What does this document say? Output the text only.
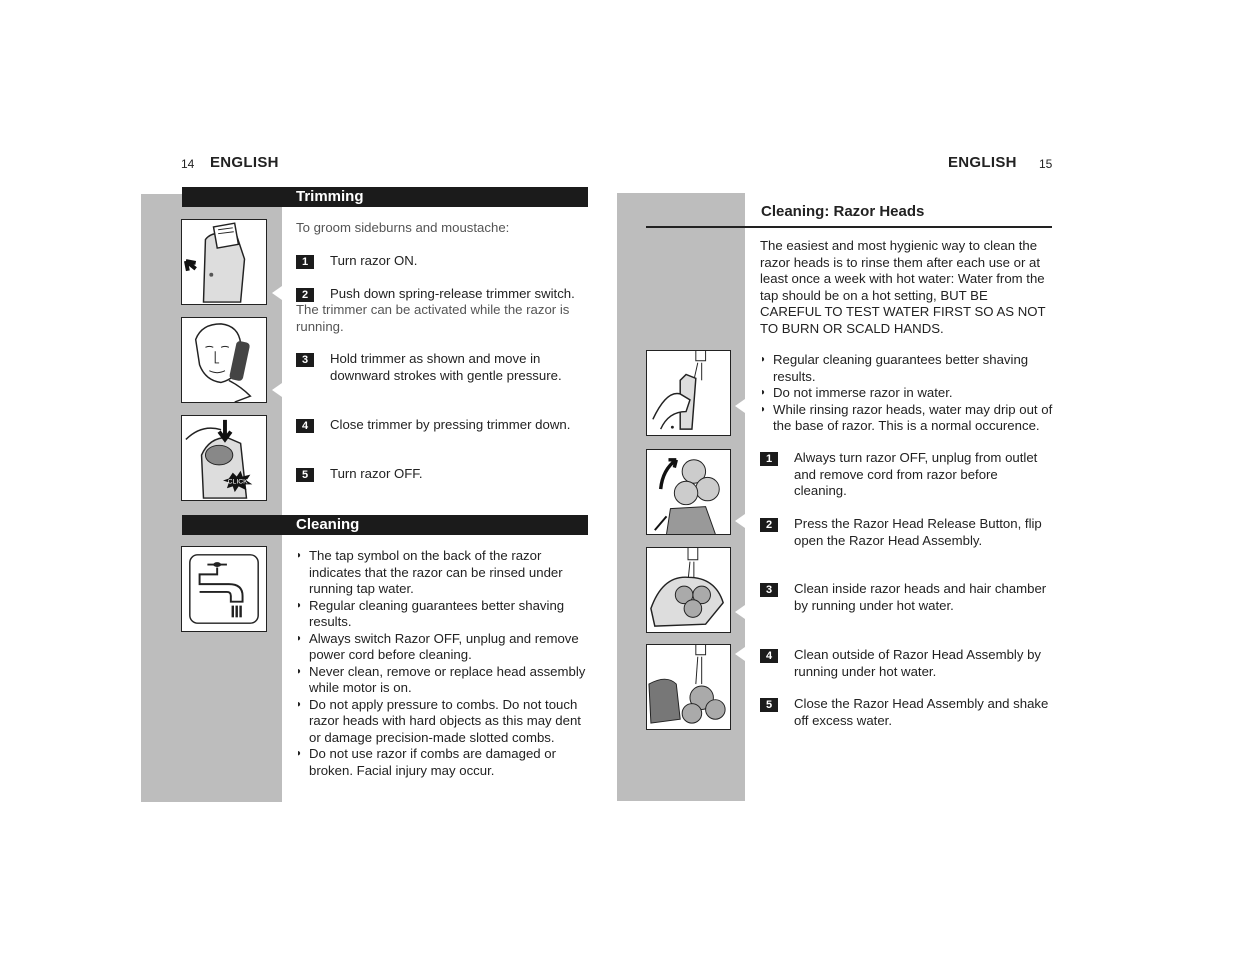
14 ENGLISH
Trimming
CLICK
To groom sideburns and moustache:
1	Turn razor ON.
2	Push down spring-release trimmer switch.
The trimmer can be activated while the razor is running.
3	Hold trimmer as shown and move in downward strokes with gentle pressure.
4	Close trimmer by pressing trimmer down.
5	Turn razor OFF.
Cleaning
◗ The tap symbol on the back of the razor indicates that the razor can be rinsed under running tap water.
◗ Regular cleaning guarantees better shaving results.
◗ Always switch Razor OFF, unplug and remove power cord before cleaning.
◗ Never clean, remove or replace head assembly while motor is on.
◗ Do not apply pressure to combs. Do not touch razor heads with hard objects as this may dent or damage precision-made slotted combs.
◗ Do not use razor if combs are damaged or broken. Facial injury may occur.
ENGLISH 15
Cleaning: Razor Heads
The easiest and most hygienic way to clean the razor heads is to rinse them after each use or at least once a week with hot water: Water from the tap should be on a hot setting, BUT BE CAREFUL TO TEST WATER FIRST SO AS NOT TO BURN OR SCALD HANDS.
◗ Regular cleaning guarantees better shaving results.
◗ Do not immerse razor in water.
◗ While rinsing razor heads, water may drip out of the base of razor. This is a normal occurence.
1	Always turn razor OFF, unplug from outlet and remove cord from razor before cleaning.
2	Press the Razor Head Release Button, flip open the Razor Head Assembly.
3	Clean inside razor heads and hair chamber by running under hot water.
4	Clean outside of Razor Head Assembly by running under hot water.
5	Close the Razor Head Assembly and shake off excess water.
